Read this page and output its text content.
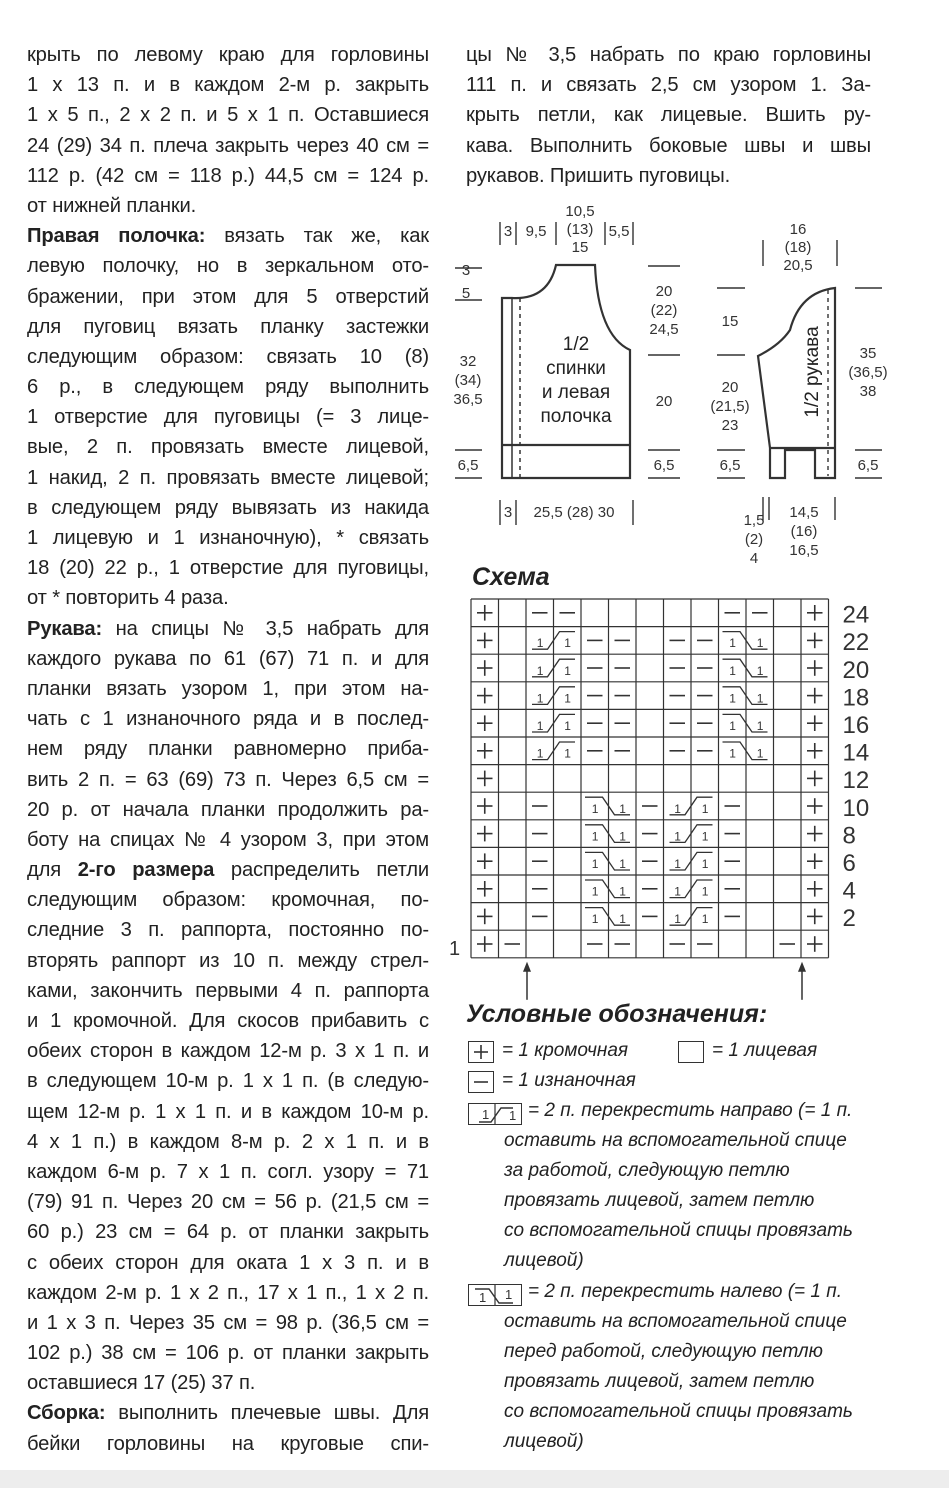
крыть по левому краю для горловины
1 х 13 п. и в каждом 2-м р. закрыть
1 х 5 п., 2 х 2 п. и 5 х 1 п. Оставшиеся
24 (29) 34 п. плеча закрыть через 40 см =
112 р. (42 см = 118 р.) 44,5 см = 124 р.
от нижней планки.
Правая полочка: вязать так же, как
левую полочку, но в зеркальном ото-
бражении, при этом для 5 отверстий
для пуговиц вязать планку застежки
следующим образом: связать 10 (8)
6 р., в следующем ряду выполнить
1 отверстие для пуговицы (= 3 лице-
вые, 2 п. провязать вместе лицевой,
1 накид, 2 п. провязать вместе лицевой;
в следующем ряду вывязать из накида
1 лицевую и 1 изнаночную), * связать
18 (20) 22 р., 1 отверстие для пуговицы,
от * повторить 4 раза.
Рукава: на спицы № 3,5 набрать для
каждого рукава по 61 (67) 71 п. и для
планки вязать узором 1, при этом на-
чать с 1 изнаночного ряда и в послед-
нем ряду планки равномерно приба-
вить 2 п. = 63 (69) 73 п. Через 6,5 см =
20 р. от начала планки продолжить ра-
боту на спицах № 4 узором 3, при этом
для 2-го размера распределить петли
следующим образом: кромочная, по-
следние 3 п. раппорта, постоянно по-
вторять раппорт из 10 п. между стрел-
ками, закончить первыми 4 п. раппорта
и 1 кромочной. Для скосов прибавить с
обеих сторон в каждом 12-м р. 3 х 1 п. и
в следующем 10-м р. 1 х 1 п. (в следую-
щем 12-м р. 1 х 1 п. и в каждом 10-м р.
4 х 1 п.) в каждом 8-м р. 2 х 1 п. и в
каждом 6-м р. 7 х 1 п. согл. узору = 71
(79) 91 п. Через 20 см = 56 р. (21,5 см =
60 р.) 23 см = 64 р. от планки закрыть
с обеих сторон для оката 1 х 3 п. и в
каждом 2-м р. 1 х 2 п., 17 х 1 п., 1 х 2 п.
и 1 х 3 п. Через 35 см = 98 р. (36,5 см =
102 р.) 38 см = 106 р. от планки закрыть
оставшиеся 17 (25) 37 п.
Сборка: выполнить плечевые швы. Для
бейки горловины на круговые спи-
цы № 3,5 набрать по краю горловины
111 п. и связать 2,5 см узором 1. За-
крыть петли, как лицевые. Вшить ру-
кава. Выполнить боковые швы и швы
рукавов. Пришить пуговицы.
3 9,5
10,5
(13)
15
5,5
3
5
32
(34)
36,5
6,5
20
(22)
24,5
20
6,5
3 25,5 (28) 30
16
(18)
20,5
15
20
(21,5)
23
6,5
35
(36,5)
38
6,5
1,5
(2)
4
14,5
(16)
16,5
1/2
спинки
и левая
полочка	1/2 рукава
Схема
1 1	1 1
1 1	1 1
1 1	1 1
1 1	1 1
1 1	1 1
1 1	1 1
1 1	1 1
1 1	1 1
1 1	1 1
1 1	1 1
24
22
20
18
16
14
12
10
8
6
4
2
1
Условные обозначения:
= 1 кромочная	= 1 лицевая
= 1 изнаночная
1 1 = 2 п. перекрестить направо (= 1 п.
оставить на вспомогательной спице
за работой, следующую петлю
провязать лицевой, затем петлю
со вспомогательной спицы провязать
лицевой)
1 1 = 2 п. перекрестить налево (= 1 п.
оставить на вспомогательной спице
перед работой, следующую петлю
провязать лицевой, затем петлю
со вспомогательной спицы провязать
лицевой)
